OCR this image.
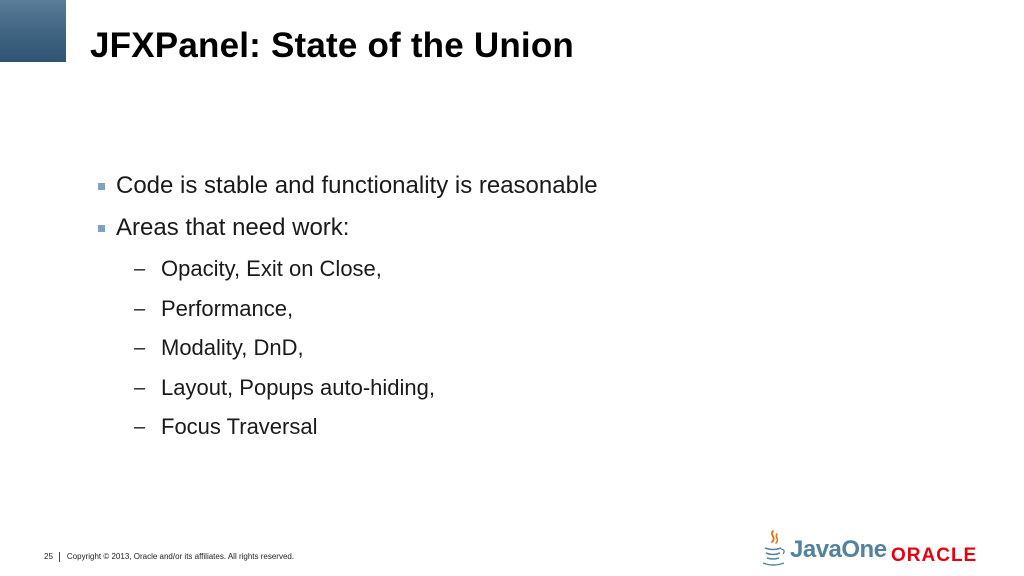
JFXPanel: State of the Union
Code is stable and functionality is reasonable
Areas that need work:
– Opacity, Exit on Close,
– Performance,
– Modality, DnD,
– Layout, Popups auto-hiding,
– Focus Traversal
25 Copyright © 2013, Oracle and/or its affiliates. All rights reserved.	JavaOne ORACLE
